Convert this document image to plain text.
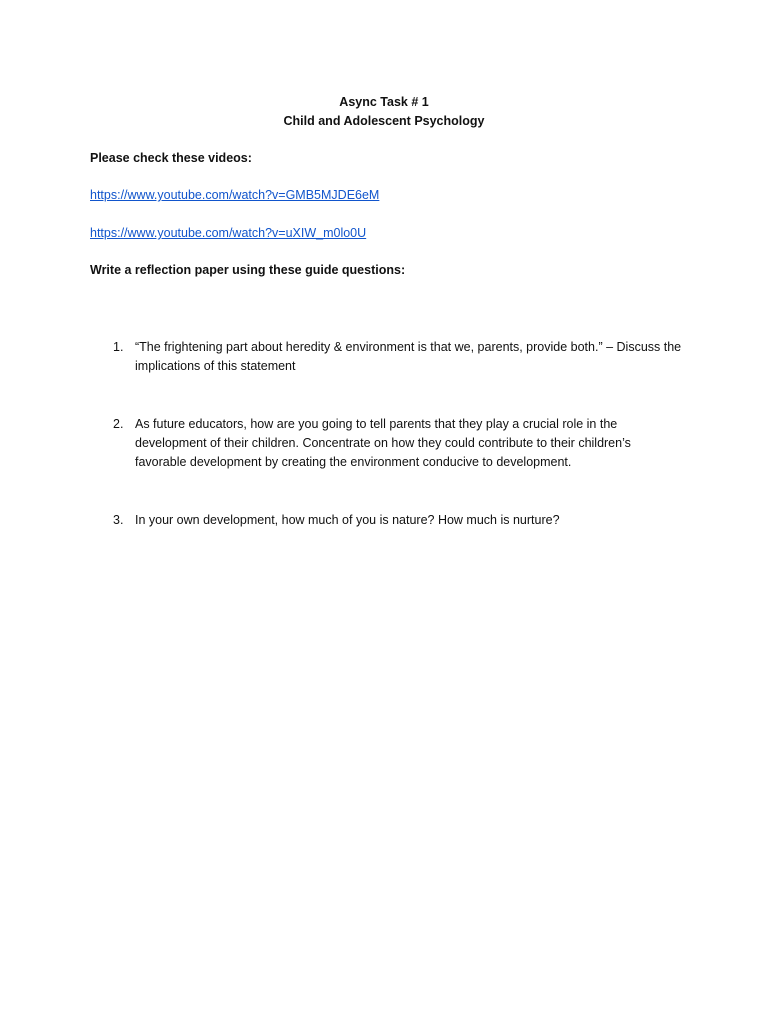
Async Task # 1
Child and Adolescent Psychology
Please check these videos:
https://www.youtube.com/watch?v=GMB5MJDE6eM
https://www.youtube.com/watch?v=uXIW_m0lo0U
Write a reflection paper using these guide questions:
1. “The frightening part about heredity & environment is that we, parents, provide both.” – Discuss the implications of this statement
2. As future educators, how are you going to tell parents that they play a crucial role in the development of their children. Concentrate on how they could contribute to their children’s favorable development by creating the environment conducive to development.
3. In your own development, how much of you is nature? How much is nurture?
